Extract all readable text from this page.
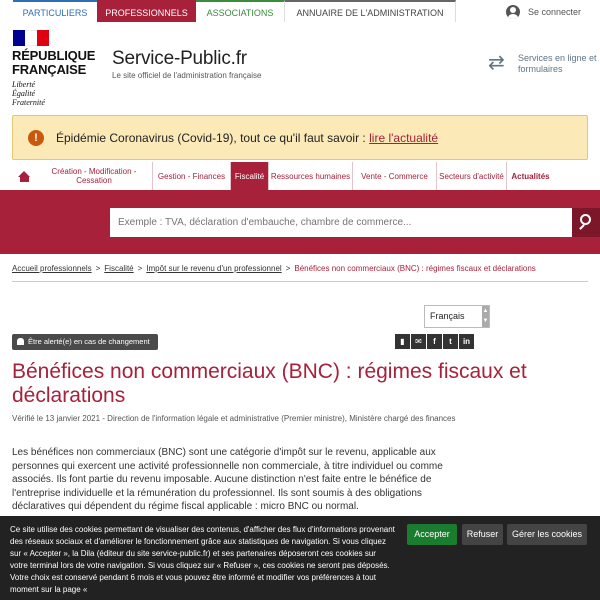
PARTICULIERS	PROFESSIONNELS	ASSOCIATIONS	ANNUAIRE DE L'ADMINISTRATION	Se connecter
RÉPUBLIQUE
FRANÇAISE
Liberté
Égalité
Fraternité
Service-Public.fr
Le site officiel de l'administration française
⇄	Services en ligne et formulaires
!	Épidémie Coronavirus (Covid-19), tout ce qu'il faut savoir : lire l'actualité
Création - Modification - Cessation	Gestion - Finances	Fiscalité Ressources humaines	Vente - Commerce	Secteurs d'activité Actualités
Exemple : TVA, déclaration d'embauche, chambre de commerce...
Accueil professionnels > Fiscalité > Impôt sur le revenu d'un professionnel > Bénéfices non commerciaux (BNC) : régimes fiscaux et déclarations
Français	▲
▼
Être alerté(e) en cas de changement	▮	✉	f	t	in
Bénéfices non commerciaux (BNC) : régimes fiscaux et déclarations
Vérifié le 13 janvier 2021 - Direction de l'information légale et administrative (Premier ministre), Ministère chargé des finances

Les bénéfices non commerciaux (BNC) sont une catégorie d'impôt sur le revenu, applicable aux personnes qui exercent une activité professionnelle non commerciale, à titre individuel ou comme associés. Ils font partie du revenu imposable. Aucune distinction n'est faite entre le bénéfice de l'entreprise individuelle et la rémunération du professionnel. Ils sont soumis à des obligations déclaratives qui dépendent du régime fiscal applicable : micro BNC ou normal.

Ce site utilise des cookies permettant de visualiser des contenus, d'afficher des flux d'informations provenant des réseaux sociaux et d'améliorer le fonctionnement grâce aux statistiques de navigation. Si vous cliquez sur « Accepter », la Dila (éditeur du site service-public.fr) et ses partenaires déposeront ces cookies sur votre terminal lors de votre navigation. Si vous cliquez sur « Refuser », ces cookies ne seront pas déposés. Votre choix est conservé pendant 6 mois et vous pouvez être informé et modifier vos préférences à tout moment sur la page «
Accepter	Refuser	Gérer les cookies
